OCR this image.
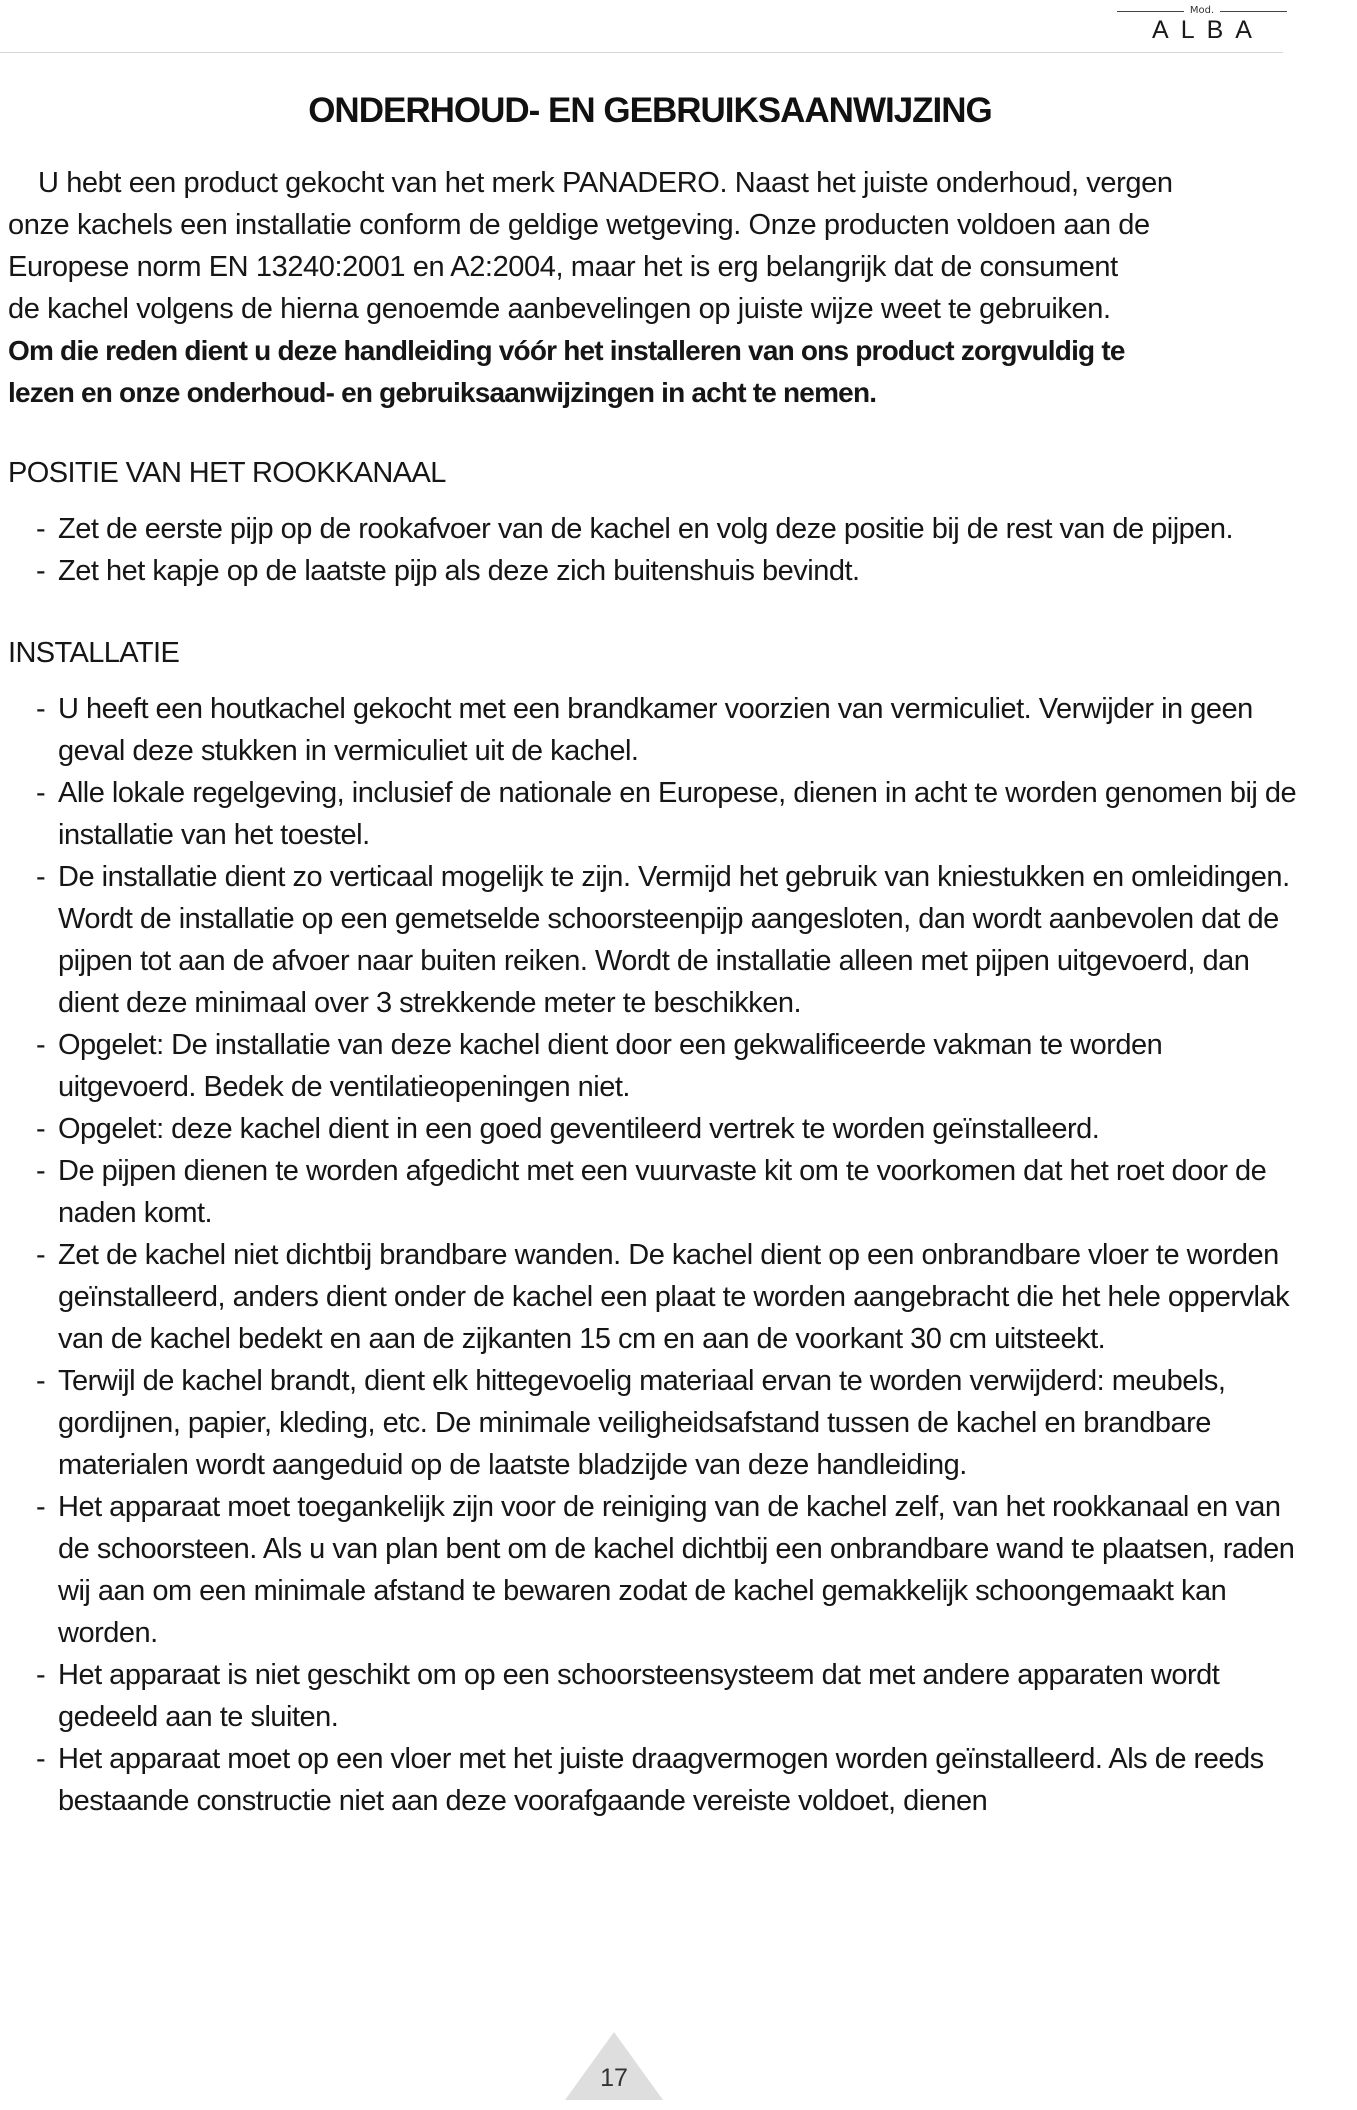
Mod.
ALBA
ONDERHOUD- EN GEBRUIKSAANWIJZING

U hebt een product gekocht van het merk PANADERO. Naast het juiste onderhoud, vergen

onze kachels een installatie conform de geldige wetgeving. Onze producten voldoen aan de

Europese norm EN 13240:2001 en A2:2004, maar het is erg belangrijk dat de consument

de kachel volgens de hierna genoemde aanbevelingen op juiste wijze weet te gebruiken.

Om die reden dient u deze handleiding vóór het installeren van ons product zorgvuldig te

lezen en onze onderhoud- en gebruiksaanwijzingen in acht te nemen.

POSITIE VAN HET ROOKKANAAL
- Zet de eerste pijp op de rookafvoer van de kachel en volg deze positie bij de rest van de pijpen.
- Zet het kapje op de laatste pijp als deze zich buitenshuis bevindt.
INSTALLATIE
- U heeft een houtkachel gekocht met een brandkamer voorzien van vermiculiet. Verwijder in geen geval deze stukken in vermiculiet uit de kachel.
- Alle lokale regelgeving, inclusief de nationale en Europese, dienen in acht te worden genomen bij de installatie van het toestel.
- De installatie dient zo verticaal mogelijk te zijn. Vermijd het gebruik van kniestukken en omleidingen. Wordt de installatie op een gemetselde schoorsteenpijp aangesloten, dan wordt aanbevolen dat de pijpen tot aan de afvoer naar buiten reiken. Wordt de installatie alleen met pijpen uitgevoerd, dan dient deze minimaal over 3 strekkende meter te beschikken.
- Opgelet: De installatie van deze kachel dient door een gekwalificeerde vakman te worden uitgevoerd. Bedek de ventilatieopeningen niet.
- Opgelet: deze kachel dient in een goed geventileerd vertrek te worden geïnstalleerd.
- De pijpen dienen te worden afgedicht met een vuurvaste kit om te voorkomen dat het roet door de naden komt.
- Zet de kachel niet dichtbij brandbare wanden. De kachel dient op een onbrandbare vloer te worden geïnstalleerd, anders dient onder de kachel een plaat te worden aangebracht die het hele oppervlak van de kachel bedekt en aan de zijkanten 15 cm en aan de voorkant 30 cm uitsteekt.
- Terwijl de kachel brandt, dient elk hittegevoelig materiaal ervan te worden verwijderd: meubels, gordijnen, papier, kleding, etc. De minimale veiligheidsafstand tussen de kachel en brandbare materialen wordt aangeduid op de laatste bladzijde van deze handleiding.
- Het apparaat moet toegankelijk zijn voor de reiniging van de kachel zelf, van het rookkanaal en van de schoorsteen. Als u van plan bent om de kachel dichtbij een onbrandbare wand te plaatsen, raden wij aan om een minimale afstand te bewaren zodat de kachel gemakkelijk schoongemaakt kan worden.
- Het apparaat is niet geschikt om op een schoorsteensysteem dat met andere apparaten wordt gedeeld aan te sluiten.
- Het apparaat moet op een vloer met het juiste draagvermogen worden geïnstalleerd. Als de reeds bestaande constructie niet aan deze voorafgaande vereiste voldoet, dienen
17
